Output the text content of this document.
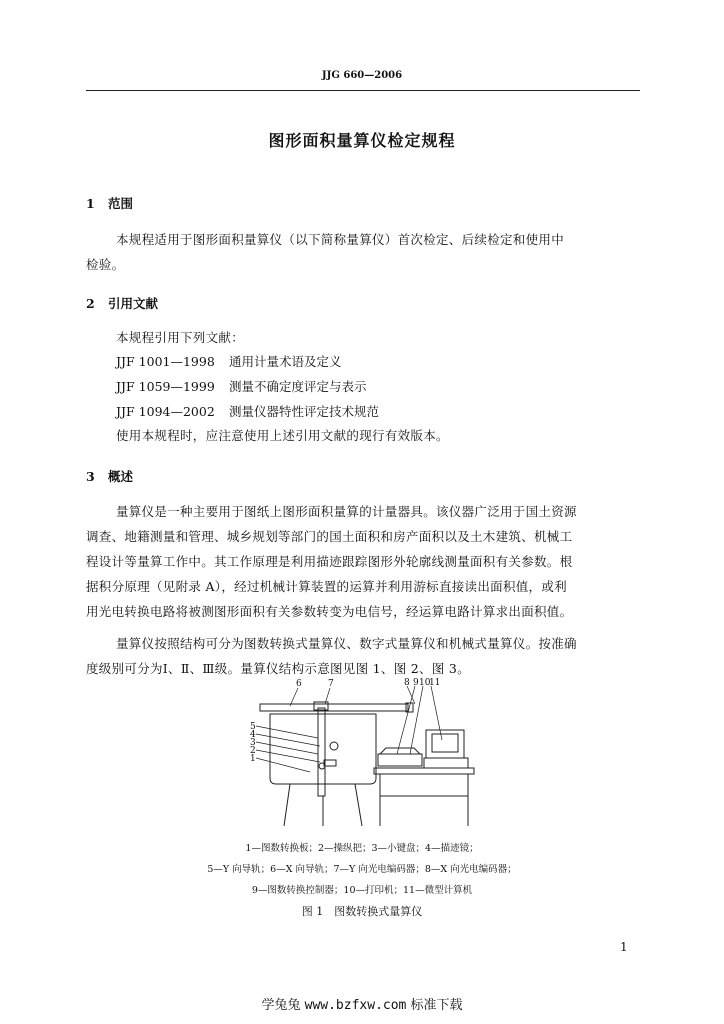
JJG 660—2006
图形面积量算仪检定规程
1 范围
本规程适用于图形面积量算仪（以下简称量算仪）首次检定、后续检定和使用中
检验。
2 引用文献
本规程引用下列文献：
JJF 1001—1998 通用计量术语及定义
JJF 1059—1999 测量不确定度评定与表示
JJF 1094—2002 测量仪器特性评定技术规范
使用本规程时，应注意使用上述引用文献的现行有效版本。
3 概述
量算仪是一种主要用于图纸上图形面积量算的计量器具。该仪器广泛用于国土资源
调查、地籍测量和管理、城乡规划等部门的国土面积和房产面积以及土木建筑、机械工
程设计等量算工作中。其工作原理是利用描迹跟踪图形外轮廓线测量面积有关参数。根
据积分原理（见附录 A），经过机械计算装置的运算并利用游标直接读出面积值，或利
用光电转换电路将被测图形面积有关参数转变为电信号，经运算电路计算求出面积值。
量算仪按照结构可分为图数转换式量算仪、数字式量算仪和机械式量算仪。按准确
度级别可分为Ⅰ、Ⅱ、Ⅲ级。量算仪结构示意图见图 1、图 2、图 3。
5
4
3
2
1
6	7	8 9 10
11
1—图数转换板；2—操纵把；3—小键盘；4—描迹镜；
5—Y 向导轨；6—X 向导轨；7—Y 向光电编码器；8—X 向光电编码器；
9—图数转换控制器；10—打印机；11—微型计算机
图 1　图数转换式量算仪
1
学兔兔 www.bzfxw.com 标准下载
